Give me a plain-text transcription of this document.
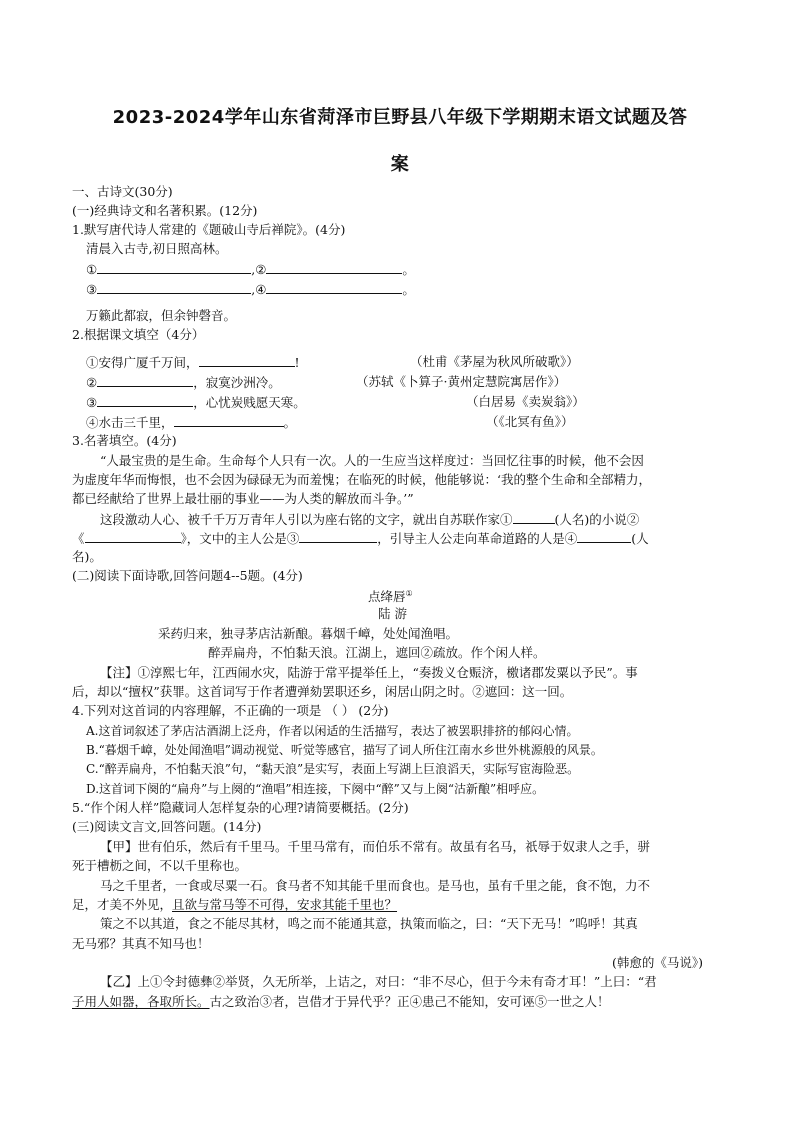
2023-2024学年山东省菏泽市巨野县八年级下学期期末语文试题及答
案
一、古诗文(30分)
(一)经典诗文和名著积累。(12分)
1.默写唐代诗人常建的《题破山寺后禅院》。(4分)
清晨入古寺,初日照高林。
①	,②	。
③	,④	。
万籁此都寂，但余钟磬音。
2.根据课文填空（4分）
①安得广厦千万间，	!	（杜甫《茅屋为秋风所破歌》）
②	，寂寞沙洲冷。	（苏轼《卜算子·黄州定慧院寓居作》）
③	，心忧炭贱愿天寒。	（白居易《卖炭翁》）
④水击三千里，	。	（《北冥有鱼》）
3.名著填空。(4分)
“人最宝贵的是生命。生命每个人只有一次。人的一生应当这样度过：当回忆往事的时候，他不会因
为虚度年华而悔恨，也不会因为碌碌无为而羞愧；在临死的时候，他能够说：‘我的整个生命和全部精力，
都已经献给了世界上最壮丽的事业——为人类的解放而斗争。’”
这段激动人心、被千千万万青年人引以为座右铭的文字，就出自苏联作家①	(人名)的小说②
《	》，文中的主人公是③	，引导主人公走向革命道路的人是④	(人
名)。
(二)阅读下面诗歌,回答问题4--5题。(4分)
点绛唇①
陆 游
采药归来，独寻茅店沽新酿。暮烟千嶂，处处闻渔唱。
醉弄扁舟，不怕黏天浪。江湖上，遮回②疏放。作个闲人样。
【注】①淳熙七年，江西闹水灾，陆游于常平提举任上，“奏拨义仓赈济，檄诸郡发粟以予民”。事
后，却以“擅权”获罪。这首词写于作者遭弹劾罢职还乡，闲居山阴之时。②遮回：这一回。
4.下列对这首词的内容理解，不正确的一项是 （ ） (2分)
A.这首词叙述了茅店沽酒湖上泛舟，作者以闲适的生活描写，表达了被罢职排挤的郁闷心情。
B.“暮烟千嶂，处处闻渔唱”调动视觉、听觉等感官，描写了词人所住江南水乡世外桃源般的风景。
C.“醉弄扁舟，不怕黏天浪”句，“黏天浪”是实写，表面上写湖上巨浪滔天，实际写宦海险恶。
D.这首词下阕的“扁舟”与上阕的“渔唱”相连接，下阕中“醉”又与上阕“沽新酿”相呼应。
5.“作个闲人样”隐藏词人怎样复杂的心理?请简要概括。(2分)
(三)阅读文言文,回答问题。(14分)
【甲】世有伯乐，然后有千里马。千里马常有，而伯乐不常有。故虽有名马，祇辱于奴隶人之手，骈
死于槽枥之间，不以千里称也。
马之千里者，一食或尽粟一石。食马者不知其能千里而食也。是马也，虽有千里之能，食不饱，力不
足，才美不外见，且欲与常马等不可得，安求其能千里也？
策之不以其道，食之不能尽其材，鸣之而不能通其意，执策而临之，曰：“天下无马！”呜呼！其真
无马邪？其真不知马也！
(韩愈的《马说》)
【乙】上①令封德彝②举贤，久无所举，上诘之，对曰：“非不尽心，但于今未有奇才耳！”上曰：“君
子用人如器，各取所长。古之致治③者，岂借才于异代乎？正④患己不能知，安可诬⑤一世之人！
